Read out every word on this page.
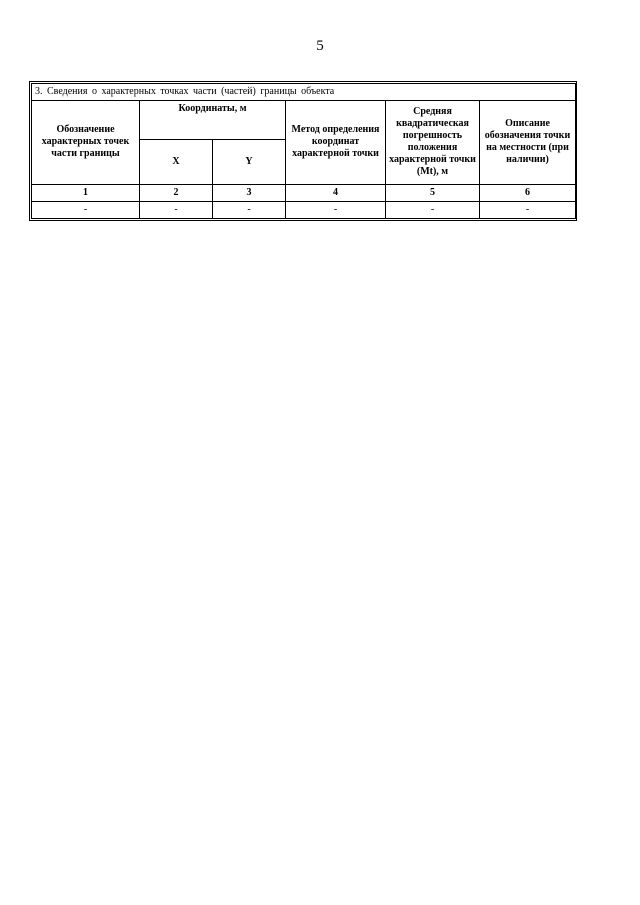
5
3. Сведения о характерных точках части (частей) границы объекта					
Обозначение характерных точек части границы	Координаты, м		Метод определения координат характерной точки	Средняя квадратическая погрешность положения характерной точки (Mt), м	Описание обозначения точки на местности (при наличии)
	X	Y			
1	2	3	4	5	6
-	-	-	-	-	-
